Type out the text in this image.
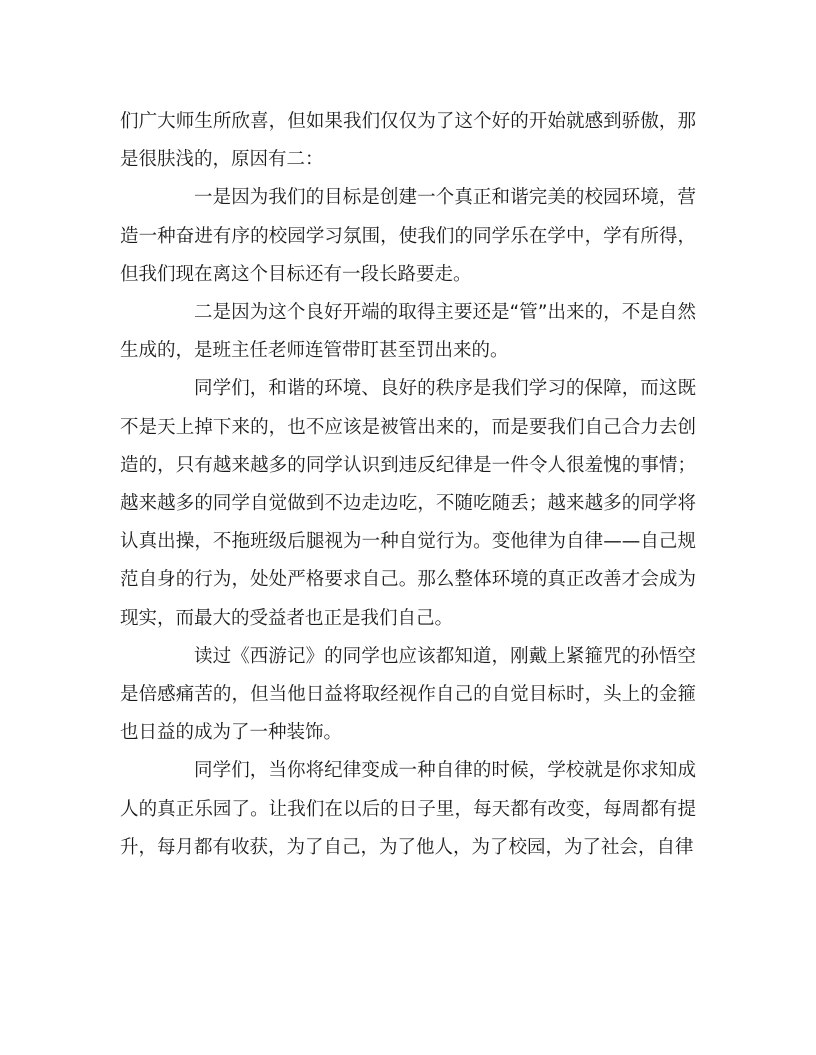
们广大师生所欣喜，但如果我们仅仅为了这个好的开始就感到骄傲，那是很肤浅的，原因有二：

一是因为我们的目标是创建一个真正和谐完美的校园环境，营造一种奋进有序的校园学习氛围，使我们的同学乐在学中，学有所得，但我们现在离这个目标还有一段长路要走。

二是因为这个良好开端的取得主要还是“管”出来的，不是自然生成的，是班主任老师连管带盯甚至罚出来的。

同学们，和谐的环境、良好的秩序是我们学习的保障，而这既不是天上掉下来的，也不应该是被管出来的，而是要我们自己合力去创造的，只有越来越多的同学认识到违反纪律是一件令人很羞愧的事情；越来越多的同学自觉做到不边走边吃，不随吃随丢；越来越多的同学将认真出操，不拖班级后腿视为一种自觉行为。变他律为自律——自己规范自身的行为，处处严格要求自己。那么整体环境的真正改善才会成为现实，而最大的受益者也正是我们自己。

读过《西游记》的同学也应该都知道，刚戴上紧箍咒的孙悟空是倍感痛苦的，但当他日益将取经视作自己的自觉目标时，头上的金箍也日益的成为了一种装饰。

同学们，当你将纪律变成一种自律的时候，学校就是你求知成人的真正乐园了。让我们在以后的日子里，每天都有改变，每周都有提升，每月都有收获，为了自己，为了他人，为了校园，为了社会，自律
